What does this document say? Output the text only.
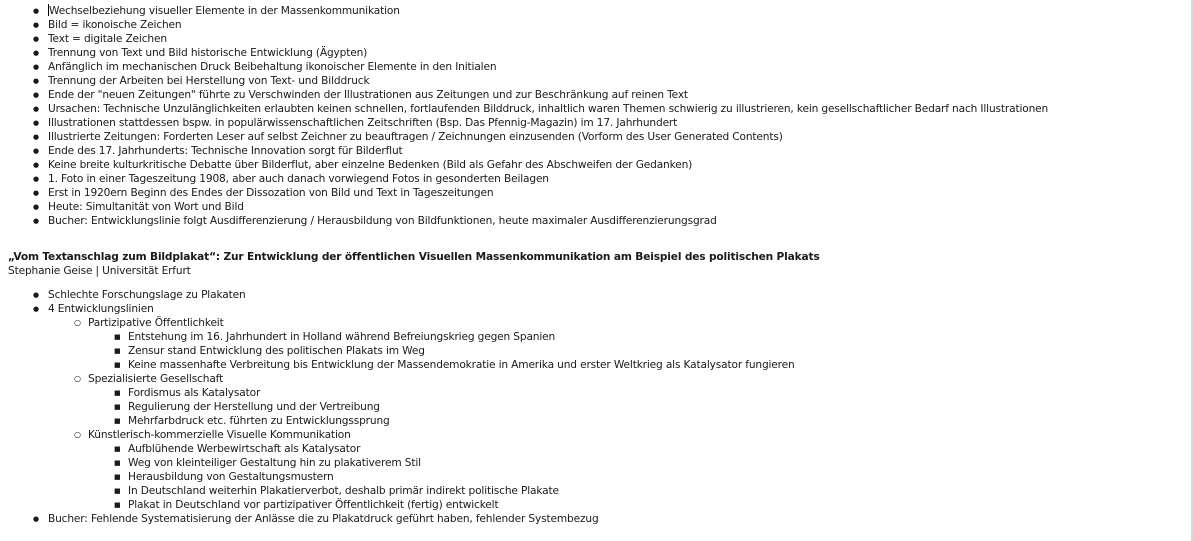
● Wechselbeziehung visueller Elemente in der Massenkommunikation
● Bild = ikonoische Zeichen
● Text = digitale Zeichen
● Trennung von Text und Bild historische Entwicklung (Ägypten)
● Anfänglich im mechanischen Druck Beibehaltung ikonoischer Elemente in den Initialen
● Trennung der Arbeiten bei Herstellung von Text- und Bilddruck
● Ende der "neuen Zeitungen" führte zu Verschwinden der Illustrationen aus Zeitungen und zur Beschränkung auf reinen Text
● Ursachen: Technische Unzulänglichkeiten erlaubten keinen schnellen, fortlaufenden Bilddruck, inhaltlich waren Themen schwierig zu illustrieren, kein gesellschaftlicher Bedarf nach Illustrationen
● Illustrationen stattdessen bspw. in populärwissenschaftlichen Zeitschriften (Bsp. Das Pfennig-Magazin) im 17. Jahrhundert
● Illustrierte Zeitungen: Forderten Leser auf selbst Zeichner zu beauftragen / Zeichnungen einzusenden (Vorform des User Generated Contents)
● Ende des 17. Jahrhunderts: Technische Innovation sorgt für Bilderflut
● Keine breite kulturkritische Debatte über Bilderflut, aber einzelne Bedenken (Bild als Gefahr des Abschweifen der Gedanken)
● 1. Foto in einer Tageszeitung 1908, aber auch danach vorwiegend Fotos in gesonderten Beilagen
● Erst in 1920ern Beginn des Endes der Dissozation von Bild und Text in Tageszeitungen
● Heute: Simultanität von Wort und Bild
● Bucher: Entwicklungslinie folgt Ausdifferenzierung / Herausbildung von Bildfunktionen, heute maximaler Ausdifferenzierungsgrad
„Vom Textanschlag zum Bildplakat“: Zur Entwicklung der öffentlichen Visuellen Massenkommunikation am Beispiel des politischen Plakats
Stephanie Geise | Universität Erfurt
● Schlechte Forschungslage zu Plakaten
● 4 Entwicklungslinien
○ Partizipative Öffentlichkeit
■ Entstehung im 16. Jahrhundert in Holland während Befreiungskrieg gegen Spanien
■ Zensur stand Entwicklung des politischen Plakats im Weg
■ Keine massenhafte Verbreitung bis Entwicklung der Massendemokratie in Amerika und erster Weltkrieg als Katalysator fungieren
○ Spezialisierte Gesellschaft
■ Fordismus als Katalysator
■ Regulierung der Herstellung und der Vertreibung
■ Mehrfarbdruck etc. führten zu Entwicklungssprung
○ Künstlerisch-kommerzielle Visuelle Kommunikation
■ Aufblühende Werbewirtschaft als Katalysator
■ Weg von kleinteiliger Gestaltung hin zu plakativerem Stil
■ Herausbildung von Gestaltungsmustern
■ In Deutschland weiterhin Plakatierverbot, deshalb primär indirekt politische Plakate
■ Plakat in Deutschland vor partizipativer Öffentlichkeit (fertig) entwickelt
● Bucher: Fehlende Systematisierung der Anlässe die zu Plakatdruck geführt haben, fehlender Systembezug
